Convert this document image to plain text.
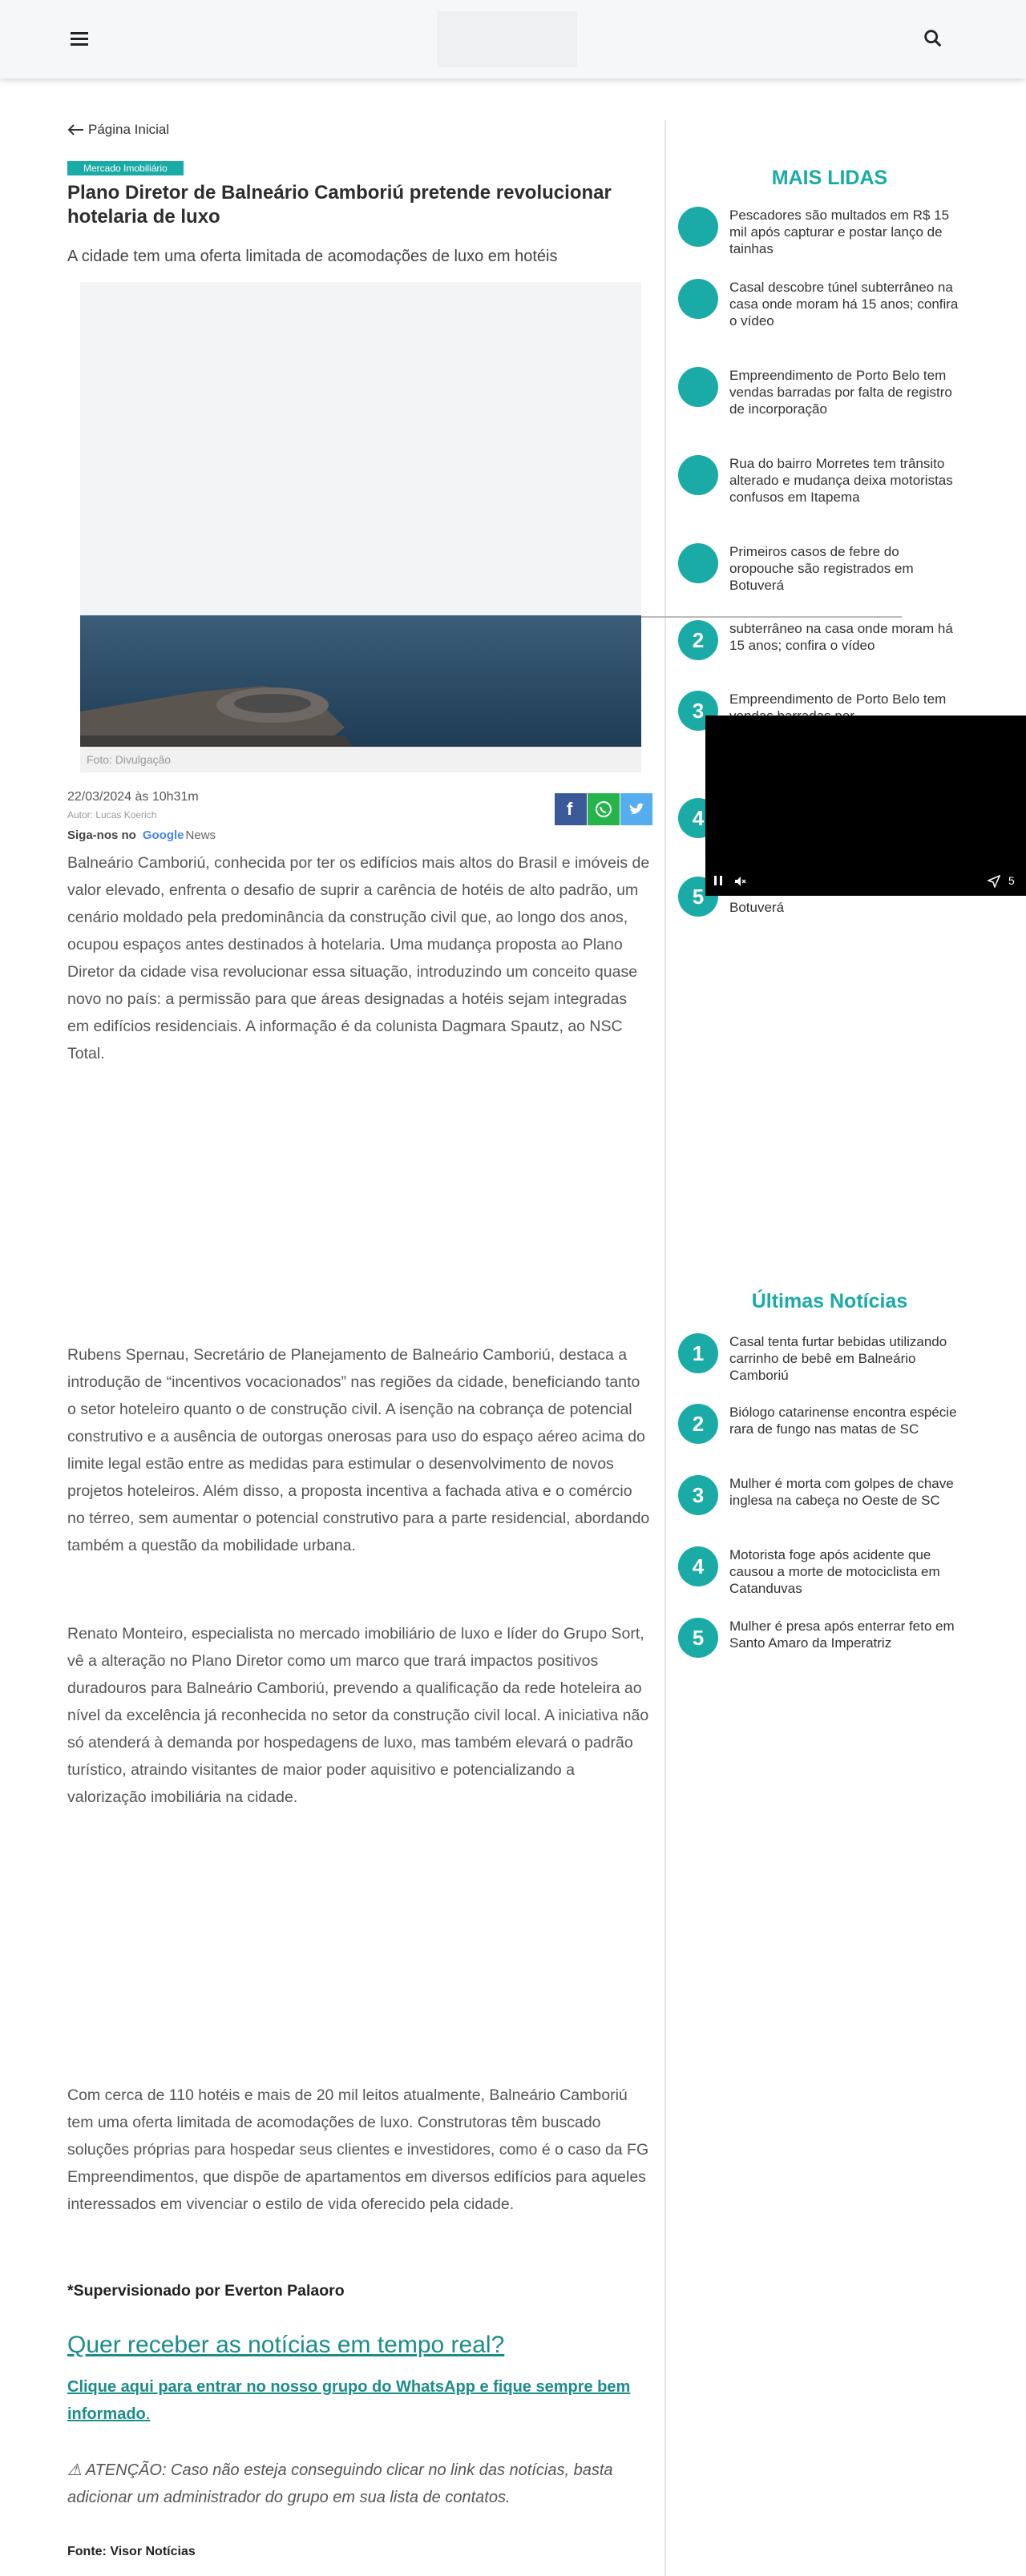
Página Inicial
Mercado Imobiliário
Plano Diretor de Balneário Camboriú pretende revolucionar hotelaria de luxo

A cidade tem uma oferta limitada de acomodações de luxo em hotéis

Foto: Divulgação
22/03/2024 às 10h31m
Autor: Lucas Koerich
Siga-nos no Google News
f

Balneário Camboriú, conhecida por ter os edifícios mais altos do Brasil e imóveis de valor elevado, enfrenta o desafio de suprir a carência de hotéis de alto padrão, um cenário moldado pela predominância da construção civil que, ao longo dos anos, ocupou espaços antes destinados à hotelaria. Uma mudança proposta ao Plano Diretor da cidade visa revolucionar essa situação, introduzindo um conceito quase novo no país: a permissão para que áreas designadas a hotéis sejam integradas em edifícios residenciais. A informação é da colunista Dagmara Spautz, ao NSC Total.

Rubens Spernau, Secretário de Planejamento de Balneário Camboriú, destaca a introdução de “incentivos vocacionados” nas regiões da cidade, beneficiando tanto o setor hoteleiro quanto o de construção civil. A isenção na cobrança de potencial construtivo e a ausência de outorgas onerosas para uso do espaço aéreo acima do limite legal estão entre as medidas para estimular o desenvolvimento de novos projetos hoteleiros. Além disso, a proposta incentiva a fachada ativa e o comércio no térreo, sem aumentar o potencial construtivo para a parte residencial, abordando também a questão da mobilidade urbana.

Renato Monteiro, especialista no mercado imobiliário de luxo e líder do Grupo Sort, vê a alteração no Plano Diretor como um marco que trará impactos positivos duradouros para Balneário Camboriú, prevendo a qualificação da rede hoteleira ao nível da excelência já reconhecida no setor da construção civil local. A iniciativa não só atenderá à demanda por hospedagens de luxo, mas também elevará o padrão turístico, atraindo visitantes de maior poder aquisitivo e potencializando a valorização imobiliária na cidade.

Com cerca de 110 hotéis e mais de 20 mil leitos atualmente, Balneário Camboriú tem uma oferta limitada de acomodações de luxo. Construtoras têm buscado soluções próprias para hospedar seus clientes e investidores, como é o caso da FG Empreendimentos, que dispõe de apartamentos em diversos edifícios para aqueles interessados em vivenciar o estilo de vida oferecido pela cidade.

*Supervisionado por Everton Palaoro

Quer receber as notícias em tempo real?
Clique aqui para entrar no nosso grupo do WhatsApp e fique sempre bem informado.

⚠ ATENÇÃO: Caso não esteja conseguindo clicar no link das notícias, basta adicionar um administrador do grupo em sua lista de contatos.

Fonte: Visor Notícias

MAIS LIDAS
Pescadores são multados em R$ 15 mil após capturar e postar lanço de tainhas
Casal descobre túnel subterrâneo na casa onde moram há 15 anos; confira o vídeo
Empreendimento de Porto Belo tem vendas barradas por falta de registro de incorporação
Rua do bairro Morretes tem trânsito alterado e mudança deixa motoristas confusos em Itapema
Primeiros casos de febre do oropouche são registrados em Botuverá
2	subterrâneo na casa onde moram há 15 anos; confira o vídeo
3	Empreendimento de Porto Belo tem
4
5	Botuverá
5
Últimas Notícias
1	Casal tenta furtar bebidas utilizando carrinho de bebê em Balneário Camboriú
2	Biólogo catarinense encontra espécie rara de fungo nas matas de SC
3	Mulher é morta com golpes de chave inglesa na cabeça no Oeste de SC
4	Motorista foge após acidente que causou a morte de motociclista em Catanduvas
5	Mulher é presa após enterrar feto em Santo Amaro da Imperatriz
